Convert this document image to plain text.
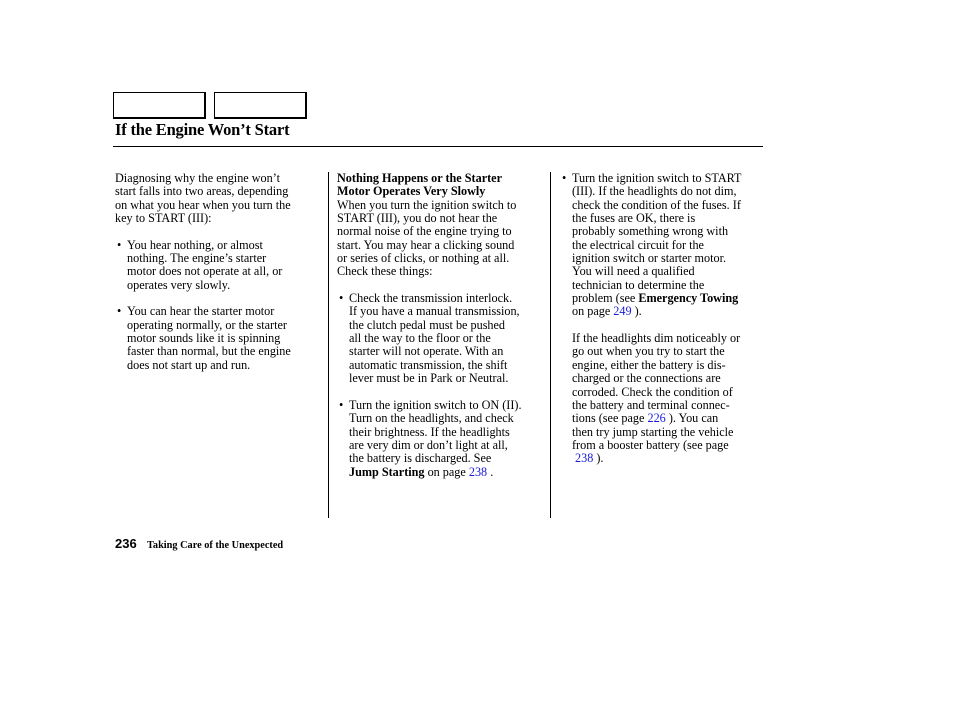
If the Engine Won’t Start

Diagnosing why the engine won’t
start falls into two areas, depending
on what you hear when you turn the
key to START (III):

• You hear nothing, or almost
nothing. The engine’s starter
motor does not operate at all, or
operates very slowly.

• You can hear the starter motor
operating normally, or the starter
motor sounds like it is spinning
faster than normal, but the engine
does not start up and run.

Nothing Happens or the Starter
Motor Operates Very Slowly

When you turn the ignition switch to
START (III), you do not hear the
normal noise of the engine trying to
start. You may hear a clicking sound
or series of clicks, or nothing at all.
Check these things:

• Check the transmission interlock.
If you have a manual transmission,
the clutch pedal must be pushed
all the way to the floor or the
starter will not operate. With an
automatic transmission, the shift
lever must be in Park or Neutral.

• Turn the ignition switch to ON (II).
Turn on the headlights, and check
their brightness. If the headlights
are very dim or don’t light at all,
the battery is discharged. See
Jump Starting on page 238 .

• Turn the ignition switch to START
(III). If the headlights do not dim,
check the condition of the fuses. If
the fuses are OK, there is
probably something wrong with
the electrical circuit for the
ignition switch or starter motor.
You will need a qualified
technician to determine the
problem (see Emergency Towing
on page 249 ).

If the headlights dim noticeably or
go out when you try to start the
engine, either the battery is dis-
charged or the connections are
corroded. Check the condition of
the battery and terminal connec-
tions (see page 226 ). You can
then try jump starting the vehicle
from a booster battery (see page
238 ).

236 Taking Care of the Unexpected
